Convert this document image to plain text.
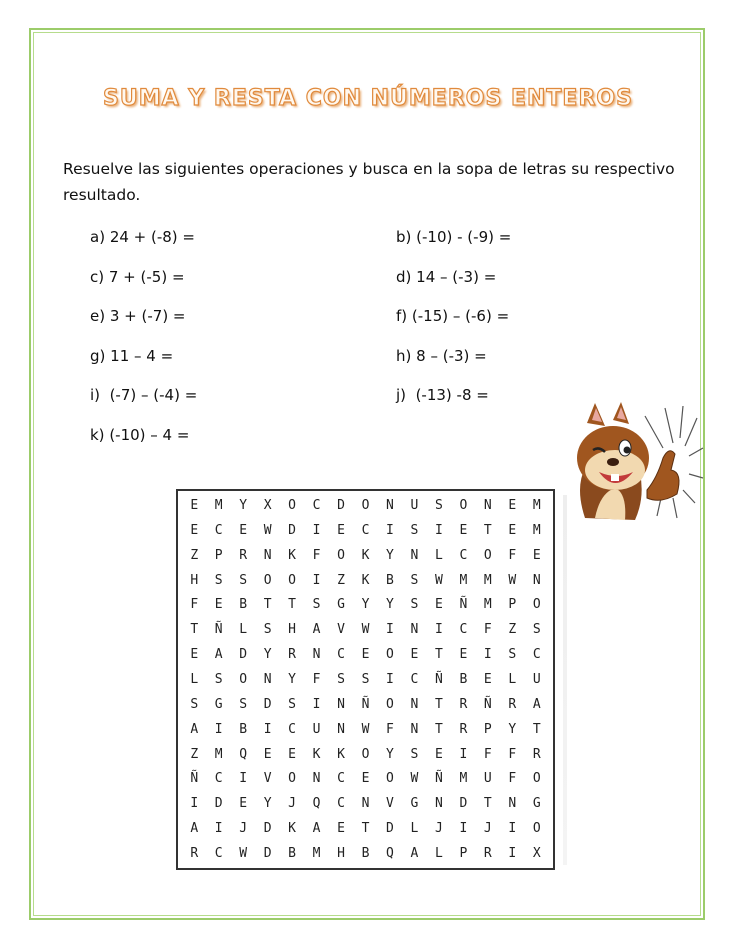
SUMA Y RESTA CON NÚMEROS ENTEROS
Resuelve las siguientes operaciones y busca en la sopa de letras su respectivo resultado.
a) 24 + (-8) =	b) (-10) - (-9) =
c) 7 + (-5) =	d) 14 – (-3) =
e) 3 + (-7) =	f) (-15) – (-6) =
g) 11 – 4 =	h) 8 – (-3) =
i)  (-7) – (-4) =	j)  (-13) -8 =
k) (-10) – 4 =
E	M	Y	X	O	C	D	O	N	U	S	O	N	E	M
E	C	E	W	D	I	E	C	I	S	I	E	T	E	M
Z	P	R	N	K	F	O	K	Y	N	L	C	O	F	E
H	S	S	O	O	I	Z	K	B	S	W	M	M	W	N
F	E	B	T	T	S	G	Y	Y	S	E	Ñ	M	P	O
T	Ñ	L	S	H	A	V	W	I	N	I	C	F	Z	S
E	A	D	Y	R	N	C	E	O	E	T	E	I	S	C
L	S	O	N	Y	F	S	S	I	C	Ñ	B	E	L	U
S	G	S	D	S	I	N	Ñ	O	N	T	R	Ñ	R	A
A	I	B	I	C	U	N	W	F	N	T	R	P	Y	T
Z	M	Q	E	E	K	K	O	Y	S	E	I	F	F	R
Ñ	C	I	V	O	N	C	E	O	W	Ñ	M	U	F	O
I	D	E	Y	J	Q	C	N	V	G	N	D	T	N	G
A	I	J	D	K	A	E	T	D	L	J	I	J	I	O
R	C	W	D	B	M	H	B	Q	A	L	P	R	I	X
